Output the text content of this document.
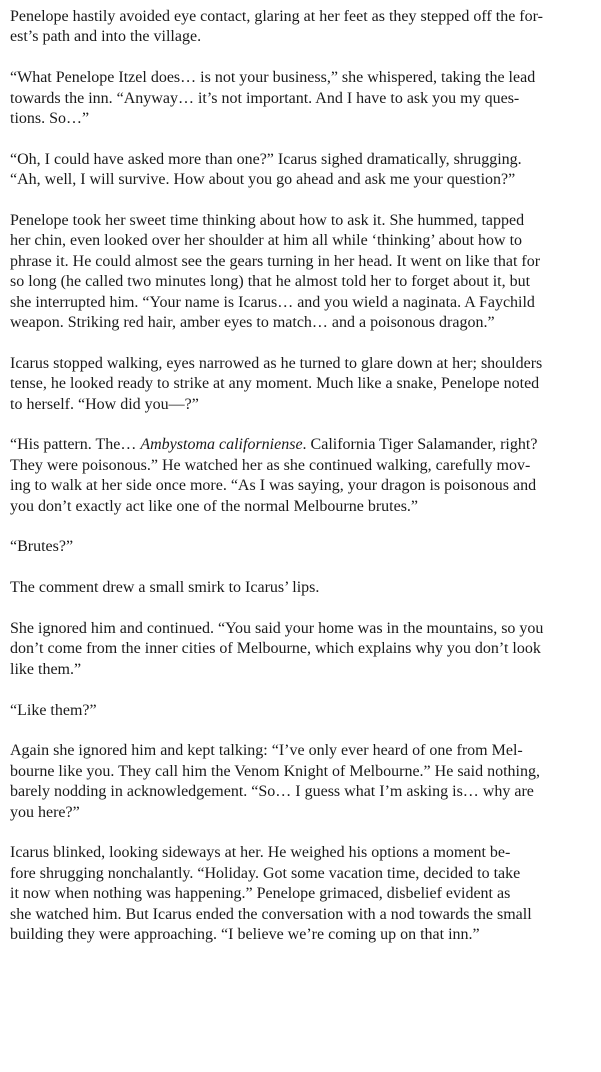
Penelope hastily avoided eye contact, glaring at her feet as they stepped off the for-
est’s path and into the village.

“What Penelope Itzel does… is not your business,” she whispered, taking the lead
towards the inn. “Anyway… it’s not important. And I have to ask you my ques-
tions. So…”

“Oh, I could have asked more than one?” Icarus sighed dramatically, shrugging.
“Ah, well, I will survive. How about you go ahead and ask me your question?”

Penelope took her sweet time thinking about how to ask it. She hummed, tapped
her chin, even looked over her shoulder at him all while ‘thinking’ about how to
phrase it. He could almost see the gears turning in her head. It went on like that for
so long (he called two minutes long) that he almost told her to forget about it, but
she interrupted him. “Your name is Icarus… and you wield a naginata. A Faychild
weapon. Striking red hair, amber eyes to match… and a poisonous dragon.”

Icarus stopped walking, eyes narrowed as he turned to glare down at her; shoulders
tense, he looked ready to strike at any moment. Much like a snake, Penelope noted
to herself. “How did you—?”

“His pattern. The… Ambystoma californiense. California Tiger Salamander, right?
They were poisonous.” He watched her as she continued walking, carefully mov-
ing to walk at her side once more. “As I was saying, your dragon is poisonous and
you don’t exactly act like one of the normal Melbourne brutes.”

“Brutes?”

The comment drew a small smirk to Icarus’ lips.

She ignored him and continued. “You said your home was in the mountains, so you
don’t come from the inner cities of Melbourne, which explains why you don’t look
like them.”

“Like them?”

Again she ignored him and kept talking: “I’ve only ever heard of one from Mel-
bourne like you. They call him the Venom Knight of Melbourne.” He said nothing,
barely nodding in acknowledgement. “So… I guess what I’m asking is… why are
you here?”

Icarus blinked, looking sideways at her. He weighed his options a moment be-
fore shrugging nonchalantly. “Holiday. Got some vacation time, decided to take
it now when nothing was happening.” Penelope grimaced, disbelief evident as
she watched him. But Icarus ended the conversation with a nod towards the small
building they were approaching. “I believe we’re coming up on that inn.”
